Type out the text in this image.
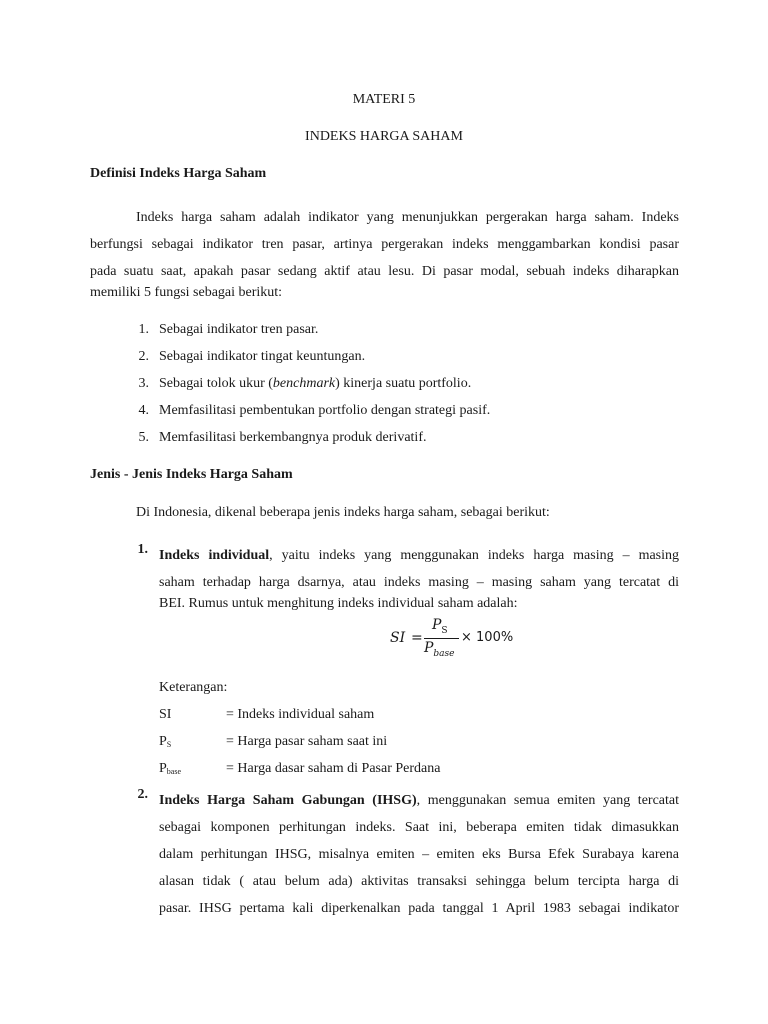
MATERI 5
INDEKS HARGA SAHAM
Definisi Indeks Harga Saham
Indeks harga saham adalah indikator yang menunjukkan pergerakan harga saham. Indeks
berfungsi sebagai indikator tren pasar, artinya pergerakan indeks menggambarkan kondisi pasar
pada suatu saat, apakah pasar sedang aktif atau lesu. Di pasar modal, sebuah indeks diharapkan
memiliki 5 fungsi sebagai berikut:
1. Sebagai indikator tren pasar.
2. Sebagai indikator tingat keuntungan.
3. Sebagai tolok ukur (benchmark) kinerja suatu portfolio.
4. Memfasilitasi pembentukan portfolio dengan strategi pasif.
5. Memfasilitasi berkembangnya produk derivatif.
Jenis - Jenis Indeks Harga Saham
Di Indonesia, dikenal beberapa jenis indeks harga saham, sebagai berikut:
1. Indeks individual, yaitu indeks yang menggunakan indeks harga masing – masing
saham terhadap harga dsarnya, atau indeks masing – masing saham yang tercatat di
BEI. Rumus untuk menghitung indeks individual saham adalah:
SI =
$P_S$
$P_{base}$
× 100%
Keterangan:
SI	= Indeks individual saham
$P_S$	= Harga pasar saham saat ini
$P_{base}$	= Harga dasar saham di Pasar Perdana
2. Indeks Harga Saham Gabungan (IHSG), menggunakan semua emiten yang tercatat
sebagai komponen perhitungan indeks. Saat ini, beberapa emiten tidak dimasukkan
dalam perhitungan IHSG, misalnya emiten – emiten eks Bursa Efek Surabaya karena
alasan tidak ( atau belum ada) aktivitas transaksi sehingga belum tercipta harga di
pasar. IHSG pertama kali diperkenalkan pada tanggal 1 April 1983 sebagai indikator
